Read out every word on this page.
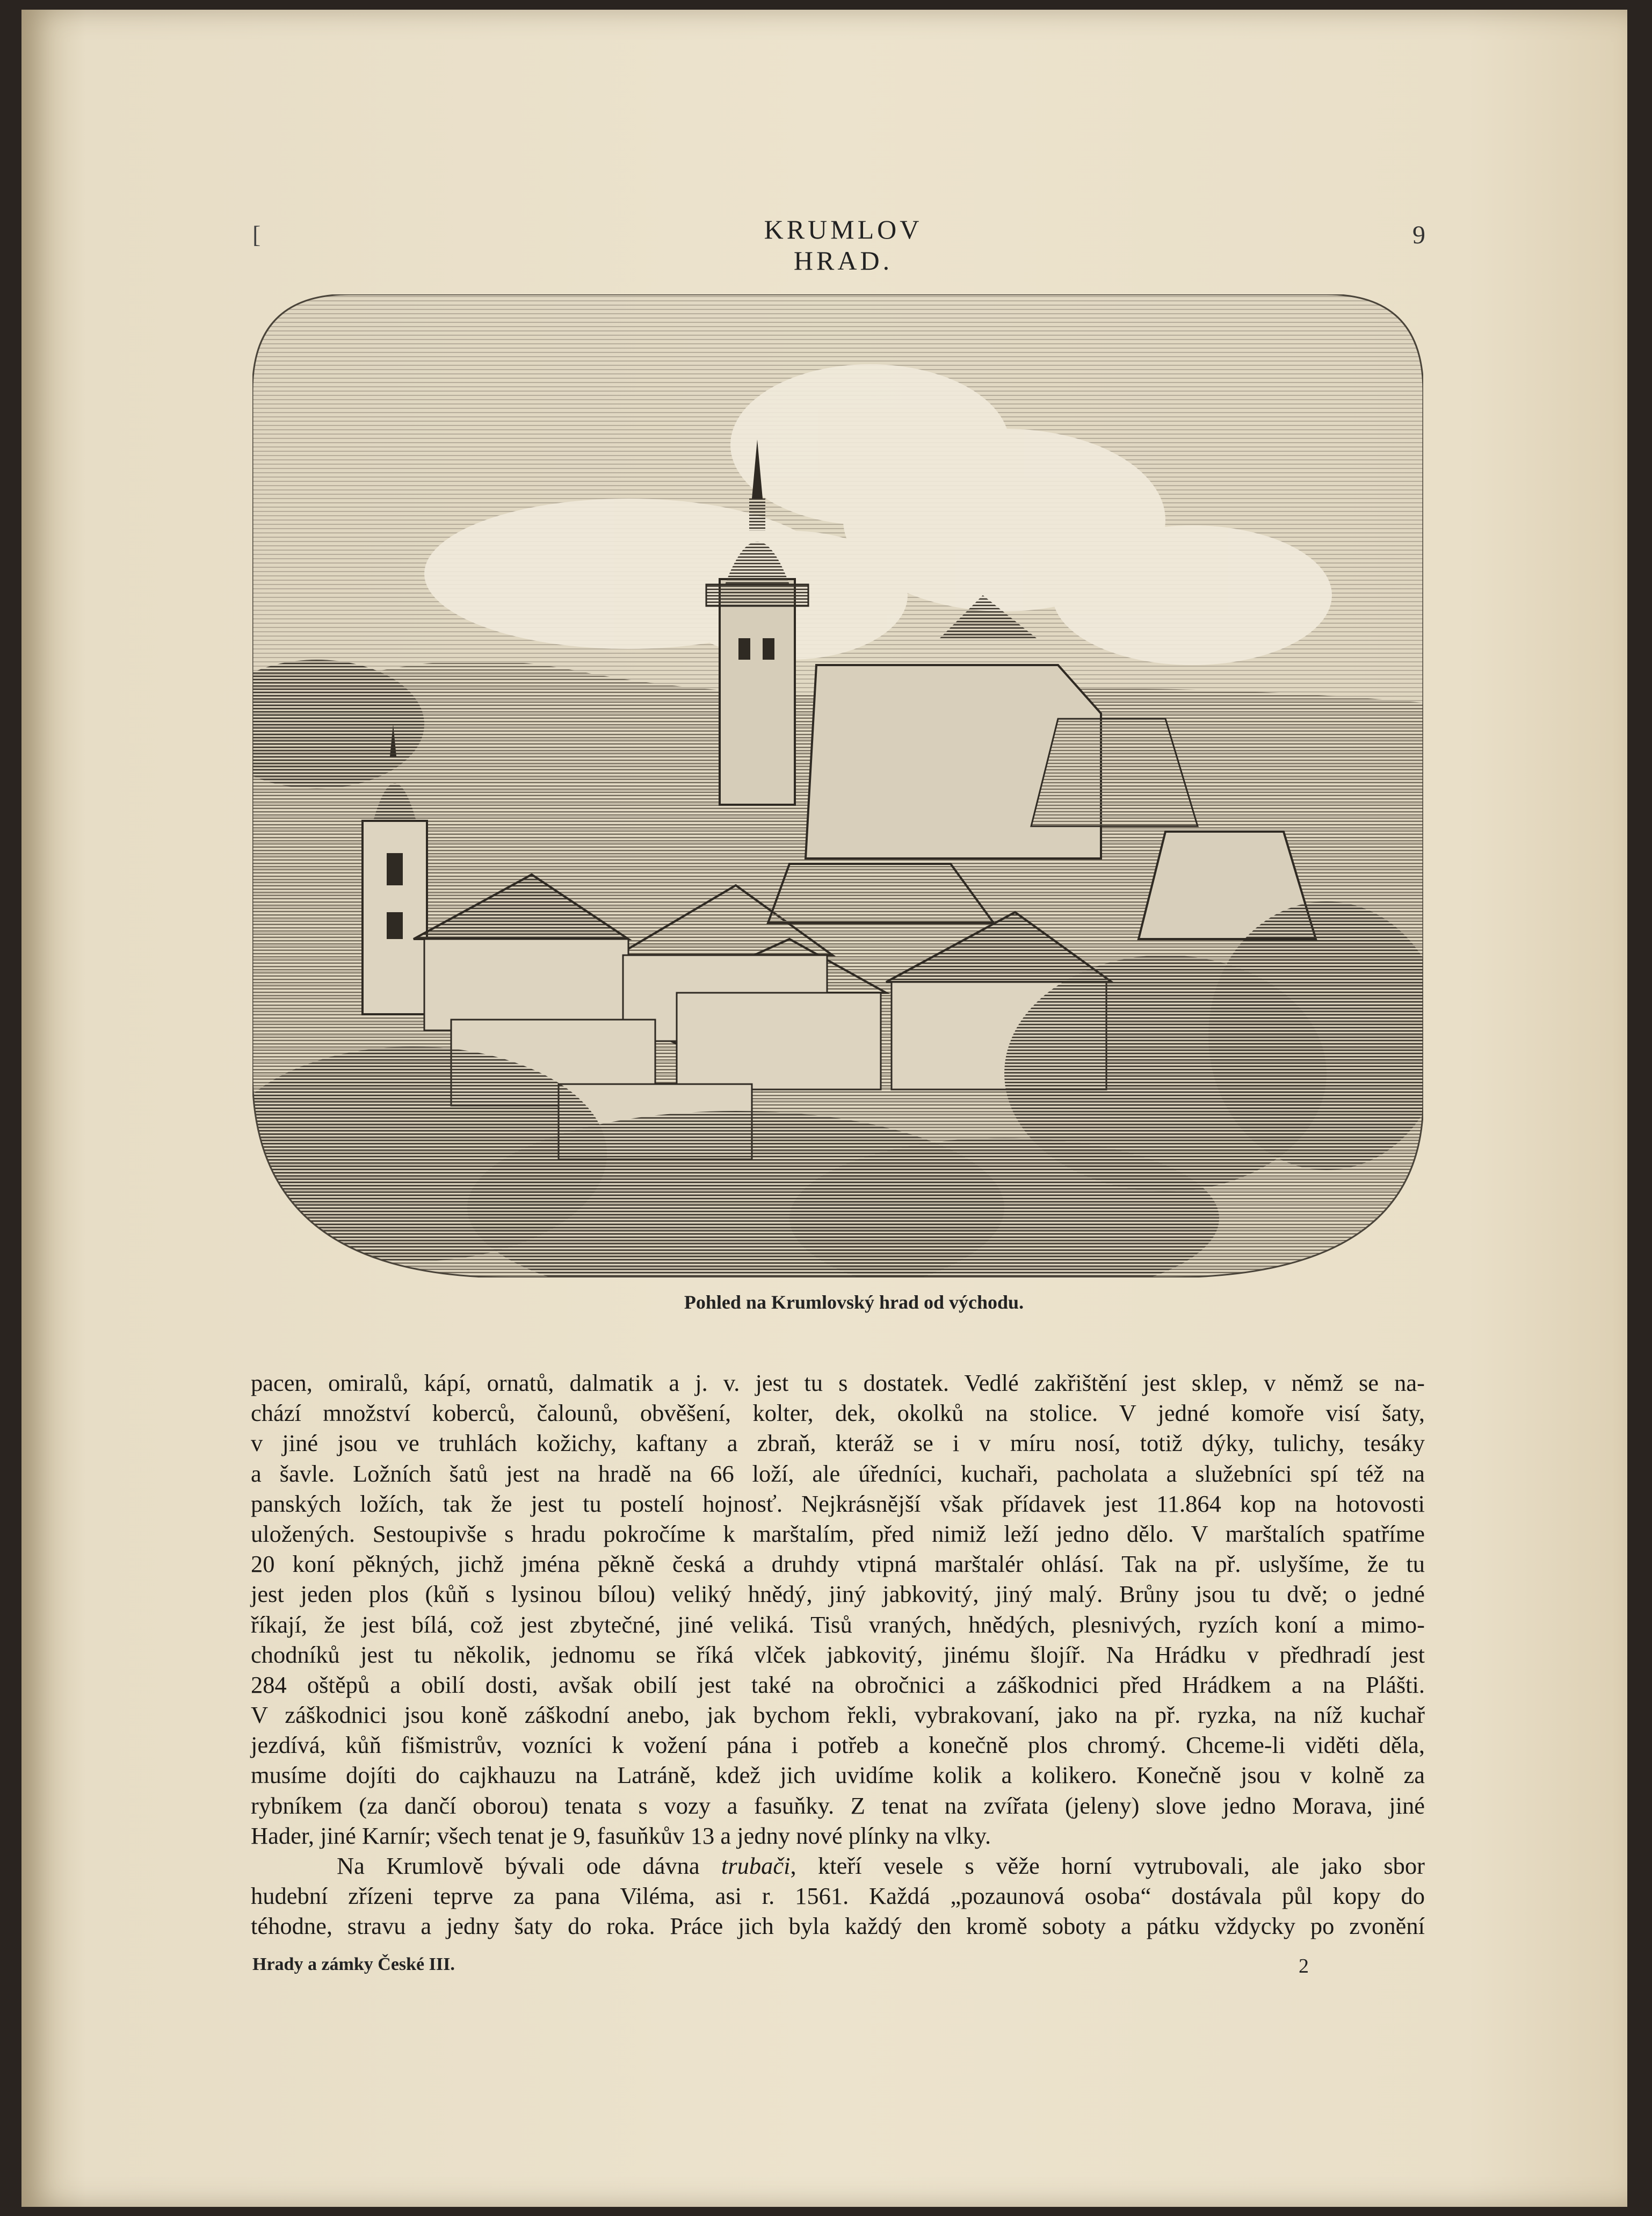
[	KRUMLOV HRAD.
9
Pohled na Krumlovský hrad od východu.
pacen, omiralů, kápí, ornatů, dalmatik a j. v. jest tu s dostatek. Vedlé zakřištění jest sklep, v němž se na-
chází množství koberců, čalounů, obvěšení, kolter, dek, okolků na stolice. V jedné komoře visí šaty,
v jiné jsou ve truhlách kožichy, kaftany a zbraň, kteráž se i v míru nosí, totiž dýky, tulichy, tesáky
a šavle. Ložních šatů jest na hradě na 66 loží, ale úředníci, kuchaři, pacholata a služebníci spí též na
panských ložích, tak že jest tu postelí hojnosť. Nejkrásnější však přídavek jest 11.864 kop na hotovosti
uložených. Sestoupivše s hradu pokročíme k marštalím, před nimiž leží jedno dělo. V marštalích spatříme
20 koní pěkných, jichž jména pěkně česká a druhdy vtipná marštalér ohlásí. Tak na př. uslyšíme, že tu
jest jeden plos (kůň s lysinou bílou) veliký hnědý, jiný jabkovitý, jiný malý. Brůny jsou tu dvě; o jedné
říkají, že jest bílá, což jest zbytečné, jiné veliká. Tisů vraných, hnědých, plesnivých, ryzích koní a mimo-
chodníků jest tu několik, jednomu se říká vlček jabkovitý, jinému šlojíř. Na Hrádku v předhradí jest
284 oštěpů a obilí dosti, avšak obilí jest také na obročnici a záškodnici před Hrádkem a na Plášti.
V záškodnici jsou koně záškodní anebo, jak bychom řekli, vybrakovaní, jako na př. ryzka, na níž kuchař
jezdívá, kůň fišmistrův, vozníci k vožení pána i potřeb a konečně plos chromý. Chceme-li viděti děla,
musíme dojíti do cajkhauzu na Latráně, kdež jich uvidíme kolik a kolikero. Konečně jsou v kolně za
rybníkem (za dančí oborou) tenata s vozy a fasuňky. Z tenat na zvířata (jeleny) slove jedno Morava, jiné
Hader, jiné Karnír; všech tenat je 9, fasuňkův 13 a jedny nové plínky na vlky.
Na Krumlově bývali ode dávna trubači, kteří vesele s věže horní vytrubovali, ale jako sbor
hudební zřízeni teprve za pana Viléma, asi r. 1561. Každá „pozaunová osoba“ dostávala půl kopy do
téhodne, stravu a jedny šaty do roka. Práce jich byla každý den kromě soboty a pátku vždycky po zvonění
Hrady a zámky České III.	2
